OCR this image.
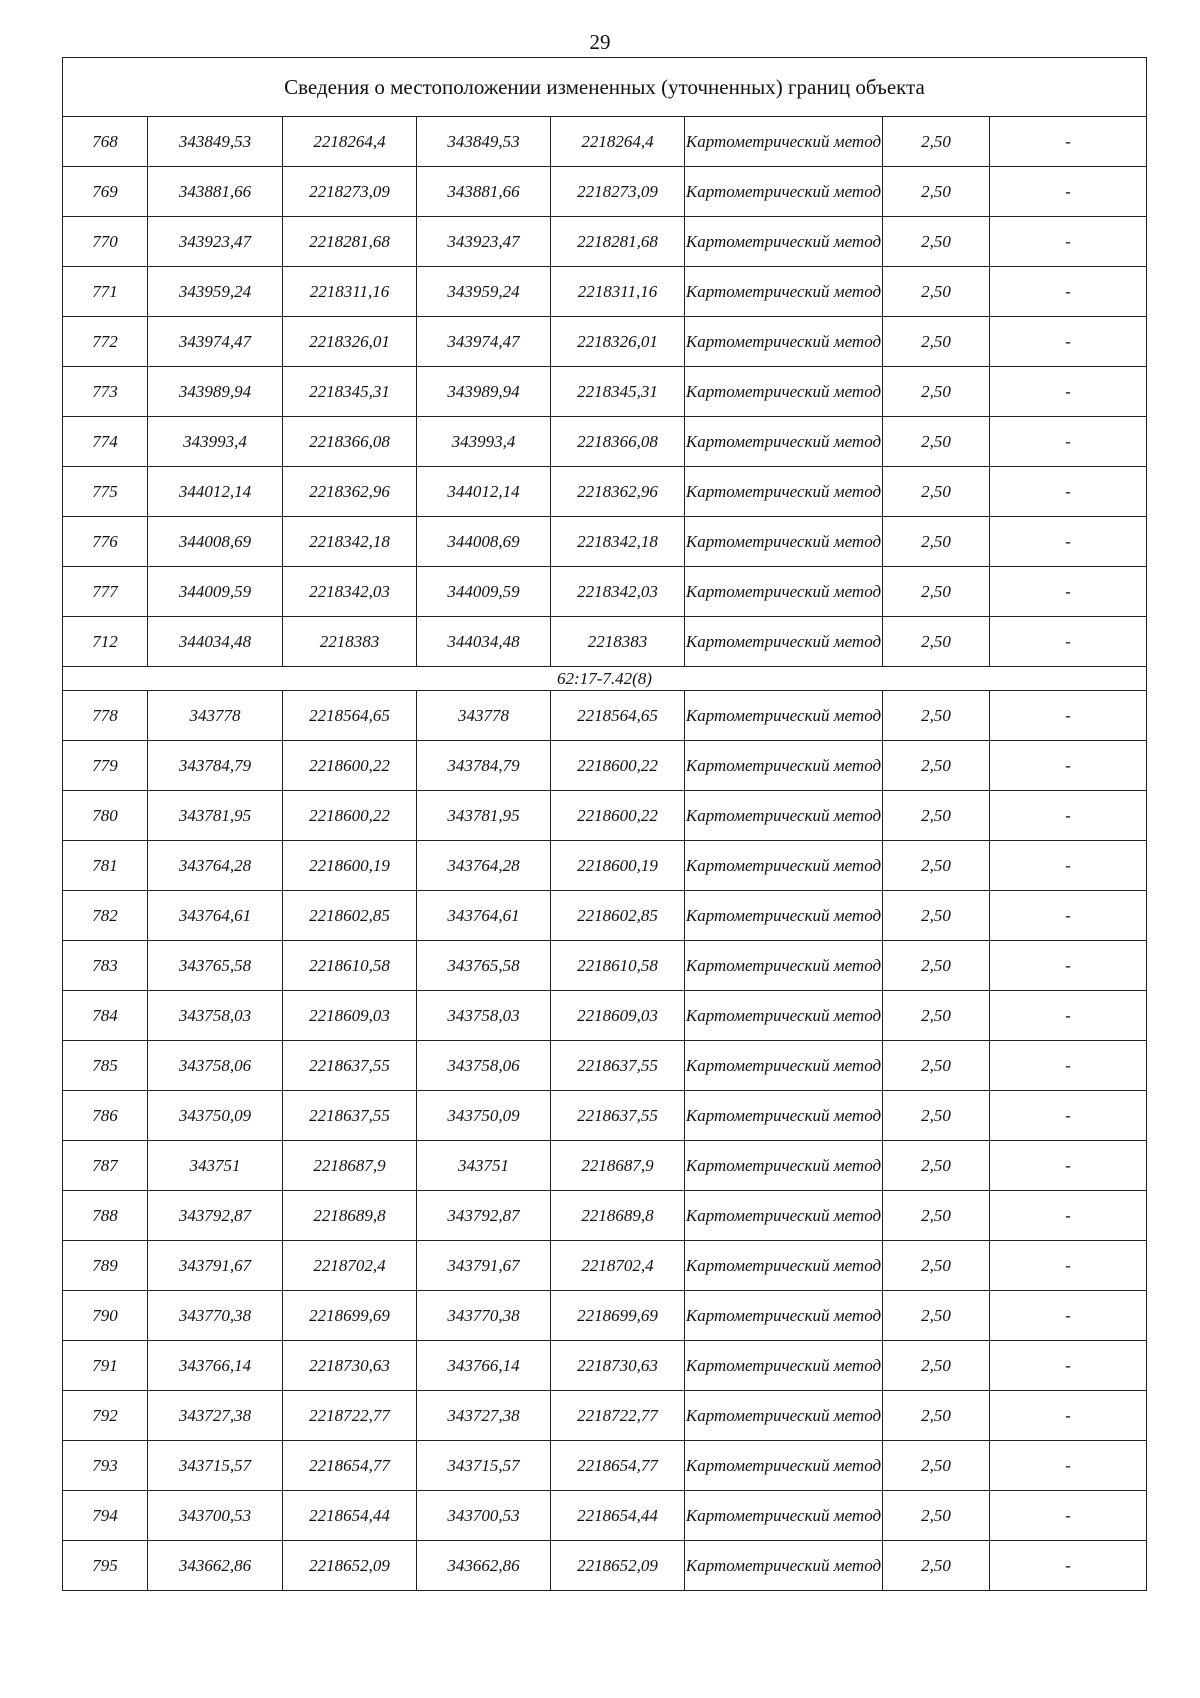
29
Сведения о местоположении измененных (уточненных) границ объекта							
768	343849,53	2218264,4	343849,53	2218264,4	Картометрический метод	2,50	-
769	343881,66	2218273,09	343881,66	2218273,09	Картометрический метод	2,50	-
770	343923,47	2218281,68	343923,47	2218281,68	Картометрический метод	2,50	-
771	343959,24	2218311,16	343959,24	2218311,16	Картометрический метод	2,50	-
772	343974,47	2218326,01	343974,47	2218326,01	Картометрический метод	2,50	-
773	343989,94	2218345,31	343989,94	2218345,31	Картометрический метод	2,50	-
774	343993,4	2218366,08	343993,4	2218366,08	Картометрический метод	2,50	-
775	344012,14	2218362,96	344012,14	2218362,96	Картометрический метод	2,50	-
776	344008,69	2218342,18	344008,69	2218342,18	Картометрический метод	2,50	-
777	344009,59	2218342,03	344009,59	2218342,03	Картометрический метод	2,50	-
712	344034,48	2218383	344034,48	2218383	Картометрический метод	2,50	-
62:17-7.42(8)							
778	343778	2218564,65	343778	2218564,65	Картометрический метод	2,50	-
779	343784,79	2218600,22	343784,79	2218600,22	Картометрический метод	2,50	-
780	343781,95	2218600,22	343781,95	2218600,22	Картометрический метод	2,50	-
781	343764,28	2218600,19	343764,28	2218600,19	Картометрический метод	2,50	-
782	343764,61	2218602,85	343764,61	2218602,85	Картометрический метод	2,50	-
783	343765,58	2218610,58	343765,58	2218610,58	Картометрический метод	2,50	-
784	343758,03	2218609,03	343758,03	2218609,03	Картометрический метод	2,50	-
785	343758,06	2218637,55	343758,06	2218637,55	Картометрический метод	2,50	-
786	343750,09	2218637,55	343750,09	2218637,55	Картометрический метод	2,50	-
787	343751	2218687,9	343751	2218687,9	Картометрический метод	2,50	-
788	343792,87	2218689,8	343792,87	2218689,8	Картометрический метод	2,50	-
789	343791,67	2218702,4	343791,67	2218702,4	Картометрический метод	2,50	-
790	343770,38	2218699,69	343770,38	2218699,69	Картометрический метод	2,50	-
791	343766,14	2218730,63	343766,14	2218730,63	Картометрический метод	2,50	-
792	343727,38	2218722,77	343727,38	2218722,77	Картометрический метод	2,50	-
793	343715,57	2218654,77	343715,57	2218654,77	Картометрический метод	2,50	-
794	343700,53	2218654,44	343700,53	2218654,44	Картометрический метод	2,50	-
795	343662,86	2218652,09	343662,86	2218652,09	Картометрический метод	2,50	-
